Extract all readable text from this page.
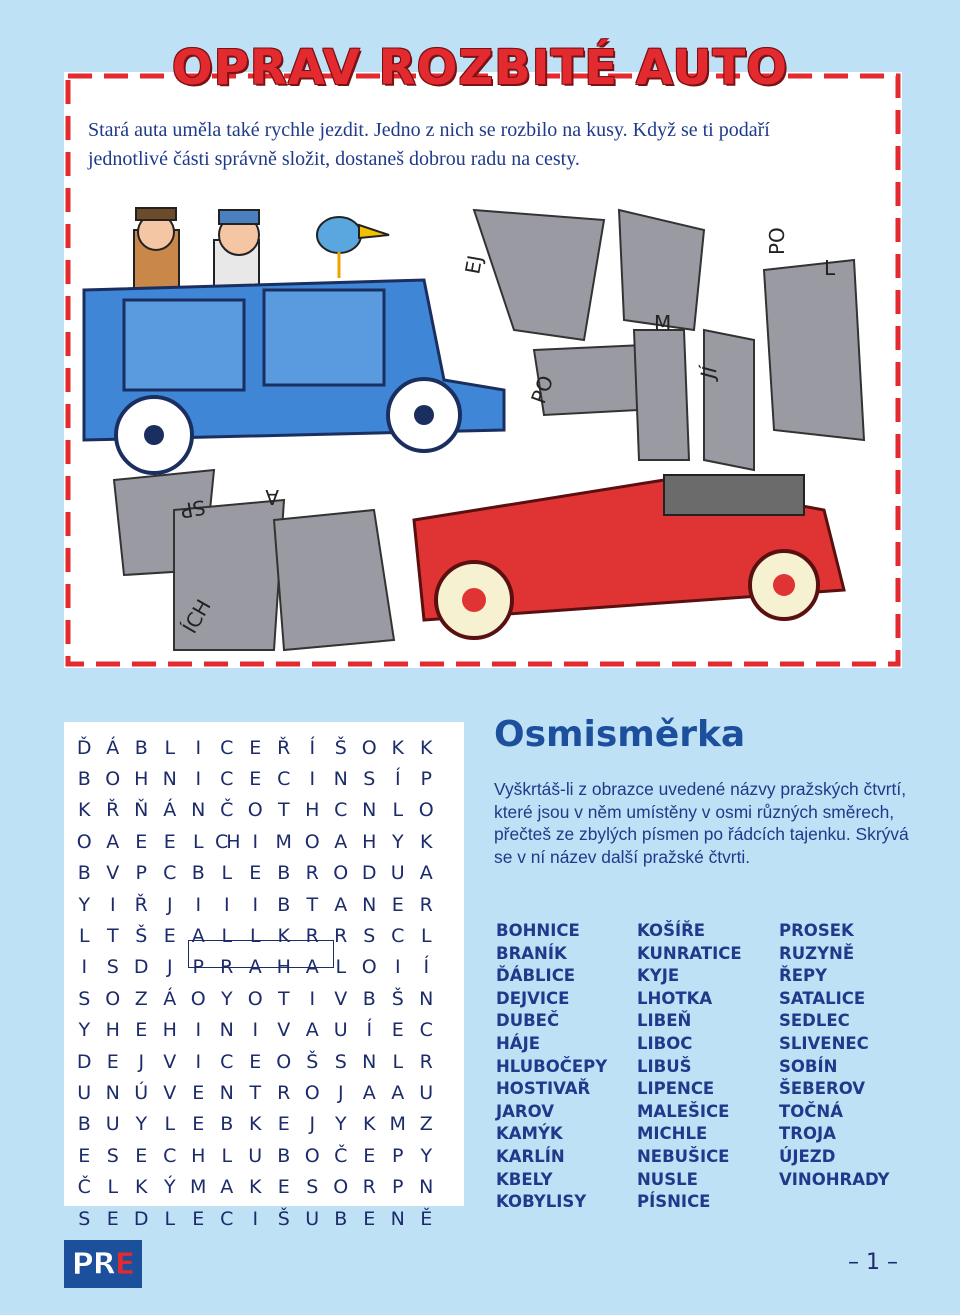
OPRAV ROZBITÉ AUTO
Stará auta uměla také rychle jezdit. Jedno z nich se rozbilo na kusy. Když se ti podaří jednotlivé části správně složit, dostaneš dobrou radu na cesty.
EJ
PO
L
M
JÍ
PO
SP	A
ÍCH
Ď Á B L	I	C E Ř	Í	Š O K K
B O H N I	C E C	I N S	Í	P
K Ř Ň Á N Č O T H C N L O
O A E E L CH I M O A H Y K
B V P C B L E B R O D U A
Y	I	Ř	J	I	I	I	B T A N E R
L T Š E A L L K R R S C L
I	S D J	P R A H A L O I	Í
S O Z Á O Y O T	I	V B Š N
Y H E H I N I	V A U Í	E C
D E	J	V	I	C E O Š S N L R
U N Ú V E N T R O J	A A U
B U Y L E B K E	J	Y K M Z
E S E C H L U B O Č E P Y
Č L K Ý M A K E S O R P N
S E D L E C	I	Š U B E N Ě
Osmisměrka
Vyškrtáš-li z obrazce uvedené názvy pražských čtvrtí, které jsou v něm umístěny v osmi různých směrech, přečteš ze zbylých písmen po řádcích tajenku. Skrývá se v ní název další pražské čtvrti.
BOHNICE
BRANÍK
ĎÁBLICE
DEJVICE
DUBEČ
HÁJE
HLUBOČEPY
HOSTIVAŘ
JAROV
KAMÝK
KARLÍN
KBELY
KOBYLISY
KOŠÍŘE
KUNRATICE
KYJE
LHOTKA
LIBEŇ
LIBOC
LIBUŠ
LIPENCE
MALEŠICE
MICHLE
NEBUŠICE
NUSLE
PÍSNICE
PROSEK
RUZYNĚ
ŘEPY
SATALICE
SEDLEC
SLIVENEC
SOBÍN
ŠEBEROV
TOČNÁ
TROJA
ÚJEZD
VINOHRADY
PRE	– 1 –
